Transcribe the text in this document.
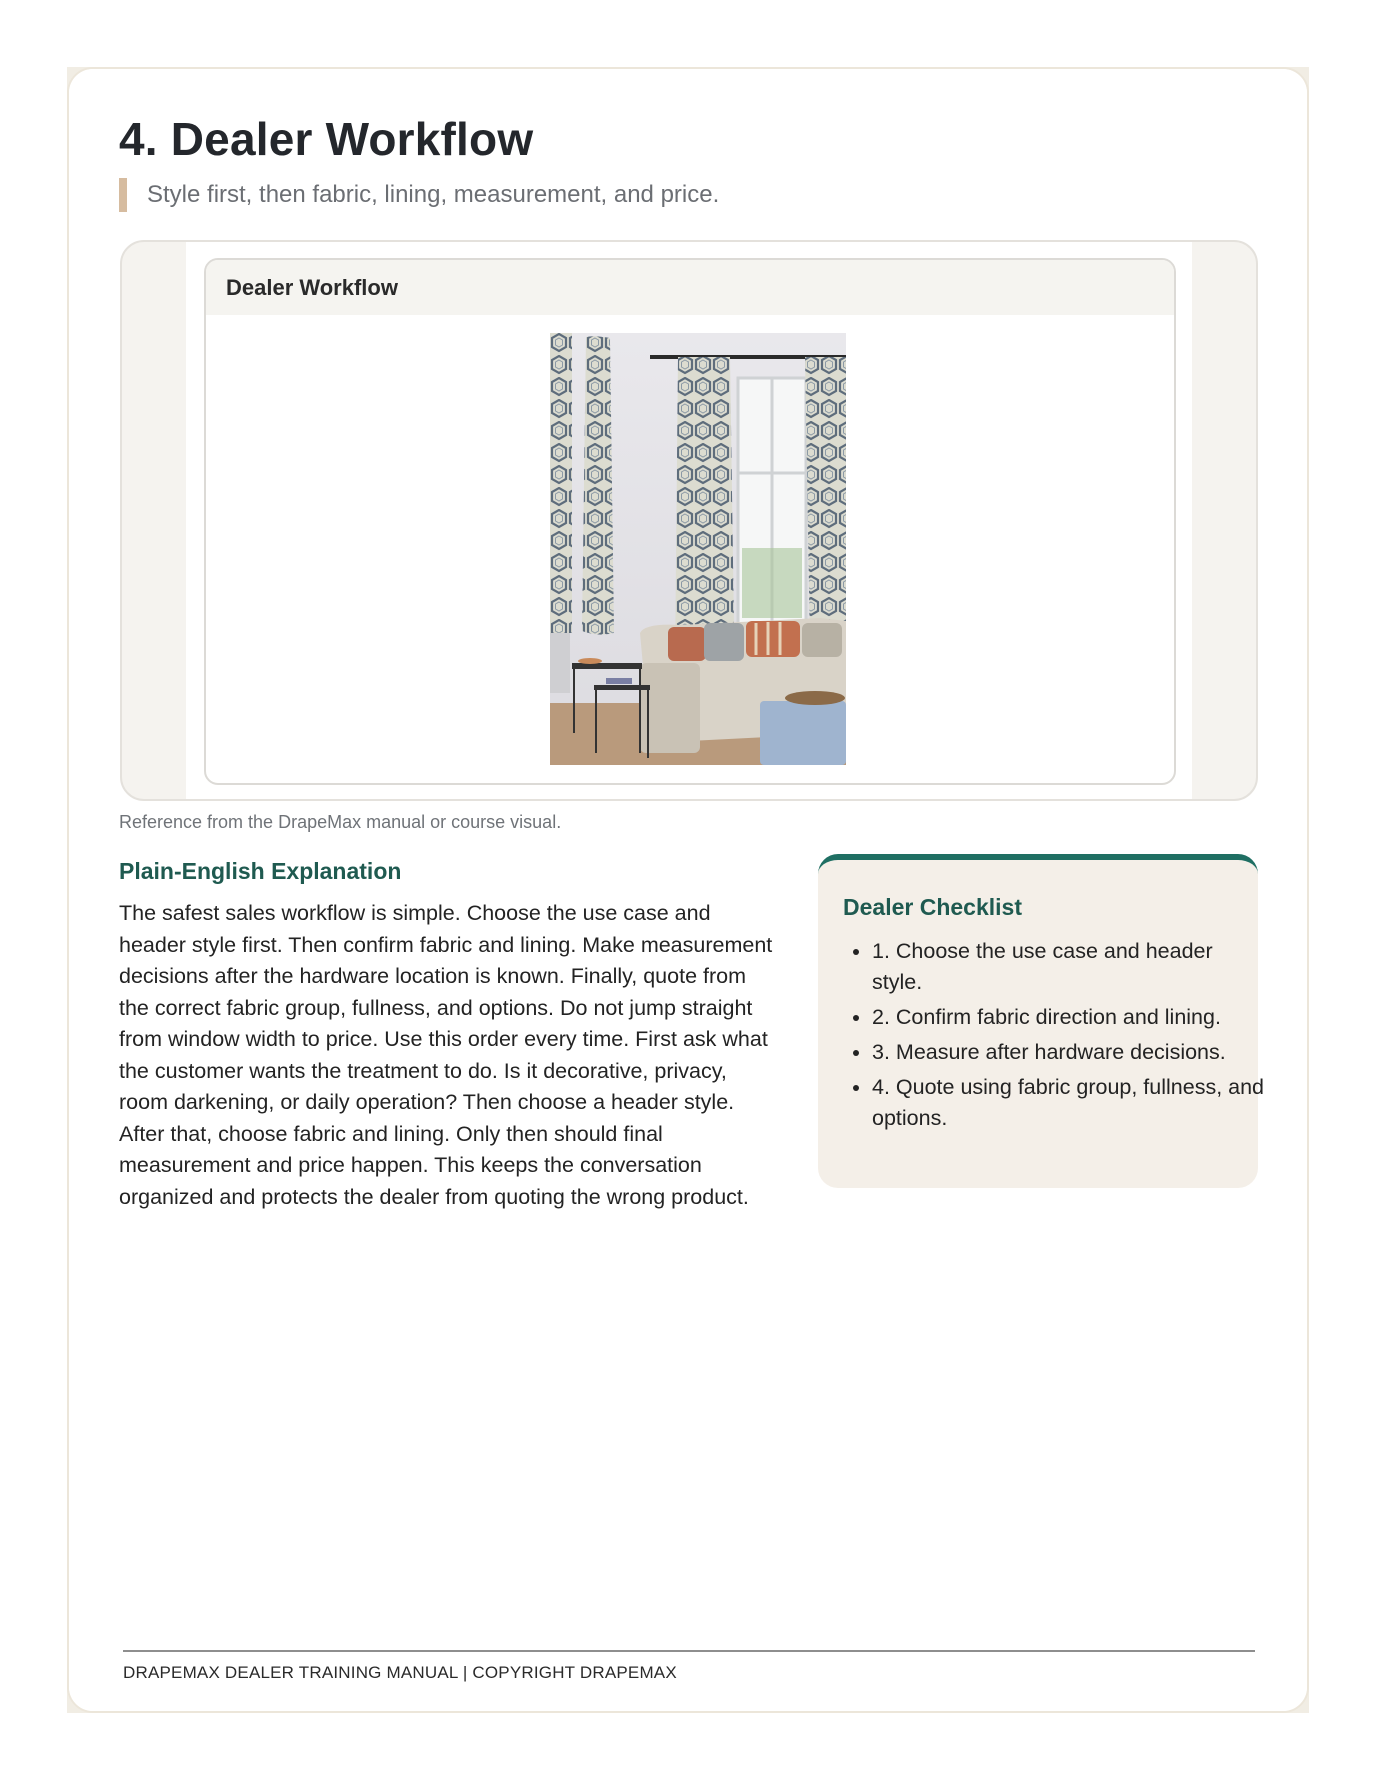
4. Dealer Workflow
Style first, then fabric, lining, measurement, and price.
Dealer Workflow
Reference from the DrapeMax manual or course visual.
Plain-English Explanation

The safest sales workflow is simple. Choose the use case and header style first. Then confirm fabric and lining. Make measurement decisions after the hardware location is known. Finally, quote from the correct fabric group, fullness, and options. Do not jump straight from window width to price. Use this order every time. First ask what the customer wants the treatment to do. Is it decorative, privacy, room darkening, or daily operation? Then choose a header style. After that, choose fabric and lining. Only then should final measurement and price happen. This keeps the conversation organized and protects the dealer from quoting the wrong product.

Dealer Checklist
• 1. Choose the use case and header style.
• 2. Confirm fabric direction and lining.
• 3. Measure after hardware decisions.
• 4. Quote using fabric group, fullness, and options.
DRAPEMAX DEALER TRAINING MANUAL | COPYRIGHT DRAPEMAX
